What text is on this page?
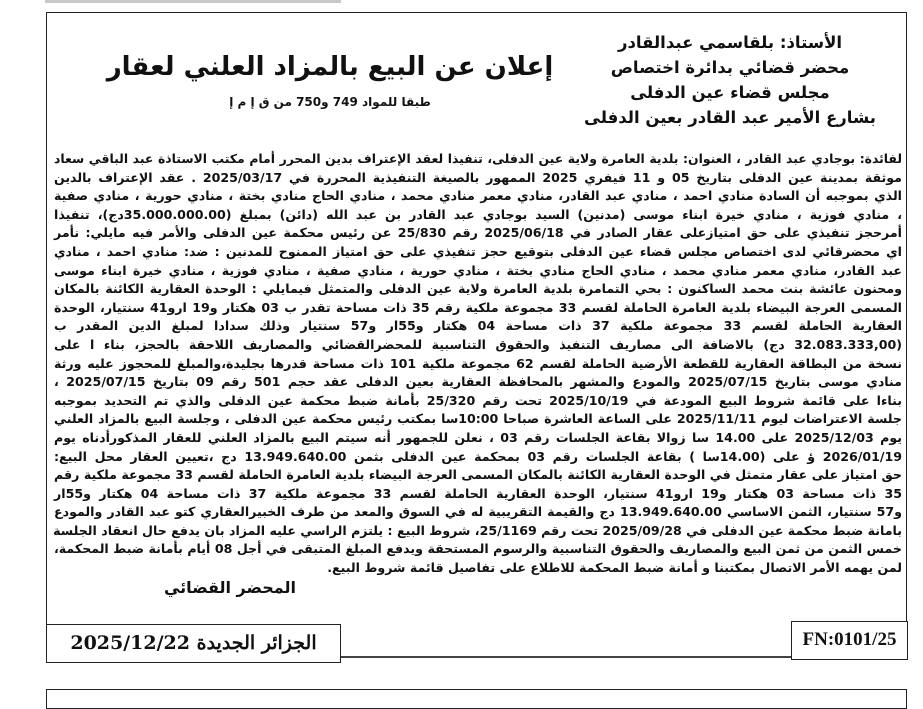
الأستاذ: بلقاسمي عبدالقادر
محضر قضائي بدائرة اختصاص
مجلس قضاء عين الدفلى
بشارع الأمير عبد القادر بعين الدفلى
إعلان عن البيع بالمزاد العلني لعقار
طبقا للمواد 749 و750 من ق إ م إ
لفائدة: بوجادي عبد القادر ، العنوان: بلدية العامرة ولاية عين الدفلى، تنفيذا لعقد الإعتراف بدين المحرر أمام مكتب الاستاذة عبد الباقي سعاد
موثقة بمدينة عين الدفلى بتاريخ 05 و 11 فيفري 2025 الممهور بالصيغة التنفيذية المحررة في 2025/03/17 . عقد الإعتراف بالدين
الذي بموجبه أن السادة منادي احمد ، منادي عبد القادر، منادي معمر منادي محمد ، منادي الحاج منادي بختة ، منادي حورية ، منادي صفية
، منادي فوزية ، منادي خيرة ابناء موسى (مدنين) السيد بوجادي عبد القادر بن عبد الله (دائن) بمبلغ (35.000.000.00دج)، تنفيذا
أمرحجز تنفيذي على حق امتيازعلى عقار الصادر في 2025/06/18 رقم 25/830 عن رئيس محكمة عين الدفلى والأمر فيه مايلي: نأمر
اي محضرقائي لدى اختصاص مجلس قضاء عين الدفلى بتوقيع حجز تنفيذي على حق امتياز الممنوح للمدنين : ضد: منادي احمد ، منادي
عبد القادر، منادي معمر منادي محمد ، منادي الحاج منادي بختة ، منادي حورية ، منادي صفية ، منادي فوزية ، منادي خيرة ابناء موسى
ومحنون عائشة بنت محمد الساكنون : بحي التمامرة بلدية العامرة ولاية عين الدفلى والمتمثل فيمايلي : الوحدة العقارية الكائنة بالمكان
المسمى العرجة البيضاء بلدية العامرة الحاملة لقسم 33 مجموعة ملكية رقم 35 ذات مساحة تقدر ب 03 هكتار و19 ارو41 سنتيار، الوحدة
العقارية الحاملة لقسم 33 مجموعة ملكية 37 ذات مساحة 04 هكتار و55ار و57 سنتيار وذلك سدادا لمبلغ الدين المقدر ب
(32.083.333,00 دج) بالاضافة الى مصاريف التنفيذ والحقوق التناسبية للمحضرالقضائي والمصاريف اللاحقة بالحجز، بناء ا على
نسخة من البطاقة العقارية للقطعة الأرضية الحاملة لقسم 62 مجموعة ملكية 101 ذات مساحة قدرها بجليدة،والمبلغ للمحجوز عليه ورثة
منادي موسى بتاريخ 2025/07/15 والمودع والمشهر بالمحافظة العقارية بعين الدفلى عقد حجم 501 رقم 09 بتاريخ 2025/07/15 ،
بناءا على قائمة شروط البيع المودعة في 2025/10/19 تحت رقم 25/320 بأمانة ضبط محكمة عين الدفلى والذي تم التحديد بموجبه
جلسة الاعتراضات ليوم 2025/11/11 على الساعة العاشرة صباحا 10:00سا بمكتب رئيس محكمة عين الدفلى ، وجلسة البيع بالمزاد العلني
يوم 2025/12/03 على 14.00 سا زوالا بقاعة الجلسات رقم 03 ، نعلن للجمهور أنه سيتم البيع بالمزاد العلني للعقار المذكورأدناه يوم
2026/01/19 ؤ على (14.00سا ) بقاعة الجلسات رقم 03 بمحكمة عين الدفلى بثمن 13.949.640.00 دج ،تعيين العقار محل البيع:
حق امتياز على عقار متمثل في الوحدة العقارية الكائنة بالمكان المسمى العرجة البيضاء بلدية العامرة الحاملة لقسم 33 مجموعة ملكية رقم
35 ذات مساحة 03 هكتار و19 ارو41 سنتيار، الوحدة العقارية الحاملة لقسم 33 مجموعة ملكية 37 ذات مساحة 04 هكتار و55ار
و57 سنتيار، الثمن الاساسي 13.949.640.00 دج والقيمة التقريبية له في السوق والمعد من طرف الخبيرالعقاري كتو عبد القادر والمودع
بامانة ضبط محكمة عين الدفلى في 2025/09/28 تحت رقم 25/1169، شروط البيع : يلتزم الراسي عليه المزاد بان يدفع حال انعقاد الجلسة
خمس الثمن من ثمن البيع والمصاريف والحقوق التناسبية والرسوم المستحقة ويدفع المبلغ المتبقى في أجل 08 أيام بأمانة ضبط المحكمة،
لمن يهمه الأمر الاتصال بمكتبنا و أمانة ضبط المحكمة للاطلاع على تفاصيل قائمة شروط البيع.
المحضر القضائي
الجزائر الجديدة 2025/12/22	FN:0101/25
